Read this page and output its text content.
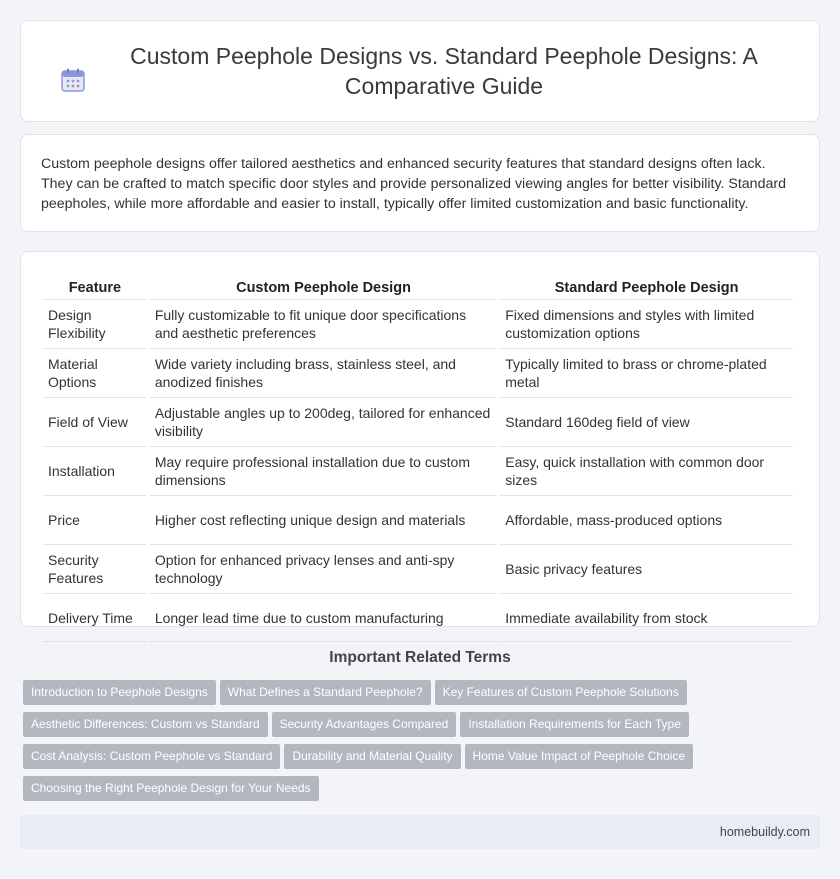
Custom Peephole Designs vs. Standard Peephole Designs: A Comparative Guide

Custom peephole designs offer tailored aesthetics and enhanced security features that standard designs often lack. They can be crafted to match specific door styles and provide personalized viewing angles for better visibility. Standard peepholes, while more affordable and easier to install, typically offer limited customization and basic functionality.

Feature	Custom Peephole Design	Standard Peephole Design
Design Flexibility	Fully customizable to fit unique door specifications and aesthetic preferences	Fixed dimensions and styles with limited customization options
Material Options	Wide variety including brass, stainless steel, and anodized finishes	Typically limited to brass or chrome-plated metal
Field of View	Adjustable angles up to 200deg, tailored for enhanced visibility	Standard 160deg field of view
Installation	May require professional installation due to custom dimensions	Easy, quick installation with common door sizes
Price	Higher cost reflecting unique design and materials	Affordable, mass-produced options
Security Features	Option for enhanced privacy lenses and anti-spy technology	Basic privacy features
Delivery Time	Longer lead time due to custom manufacturing	Immediate availability from stock
Important Related Terms
Introduction to Peephole Designs What Defines a Standard Peephole? Key Features of Custom Peephole Solutions
Aesthetic Differences: Custom vs Standard Security Advantages Compared Installation Requirements for Each Type
Cost Analysis: Custom Peephole vs Standard Durability and Material Quality Home Value Impact of Peephole Choice
Choosing the Right Peephole Design for Your Needs
homebuildy.com
